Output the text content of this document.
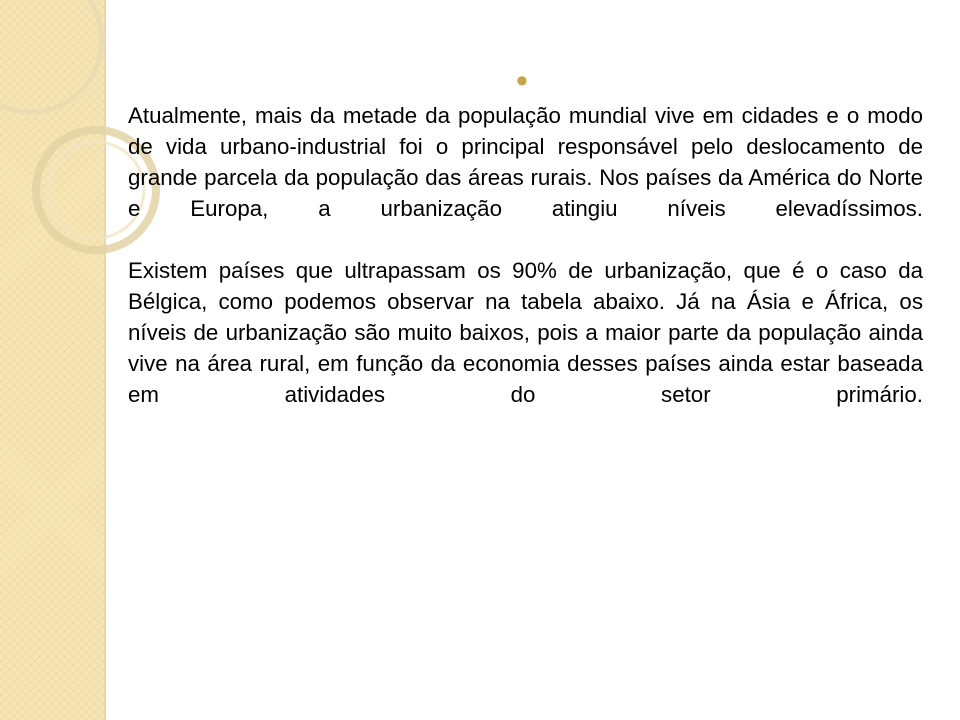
•

Atualmente, mais da metade da população mundial vive em cidades e o modo de vida urbano-industrial foi o principal responsável pelo deslocamento de grande parcela da população das áreas rurais. Nos países da América do Norte e Europa, a urbanização atingiu níveis elevadíssimos.

Existem países que ultrapassam os 90% de urbanização, que é o caso da Bélgica, como podemos observar na tabela abaixo. Já na Ásia e África, os níveis de urbanização são muito baixos, pois a maior parte da população ainda vive na área rural, em função da economia desses países ainda estar baseada em atividades do setor primário.
